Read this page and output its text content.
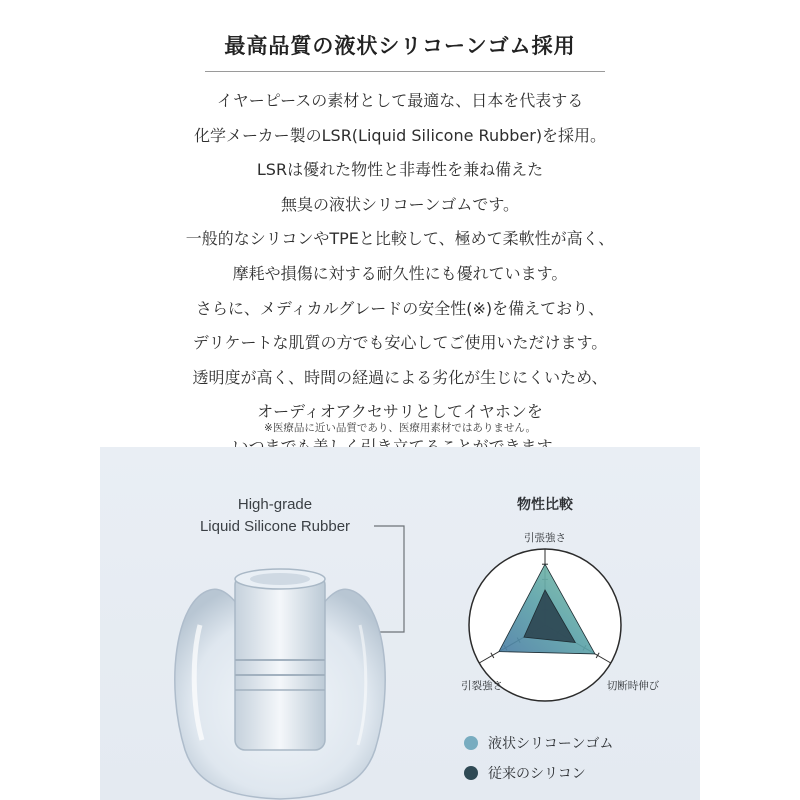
最高品質の液状シリコーンゴム採用
イヤーピースの素材として最適な、日本を代表する
化学メーカー製のLSR(Liquid Silicone Rubber)を採用。
LSRは優れた物性と非毒性を兼ね備えた
無臭の液状シリコーンゴムです。
一般的なシリコンやTPEと比較して、極めて柔軟性が高く、
摩耗や損傷に対する耐久性にも優れています。
さらに、メディカルグレードの安全性(※)を備えており、
デリケートな肌質の方でも安心してご使用いただけます。
透明度が高く、時間の経過による劣化が生じにくいため、
オーディオアクセサリとしてイヤホンを
※医療品に近い品質であり、医療用素材ではありません。
High-grade
Liquid Silicone Rubber
物性比較
引張強さ
切断時伸び
引裂強さ
液状シリコーンゴム
従来のシリコン
